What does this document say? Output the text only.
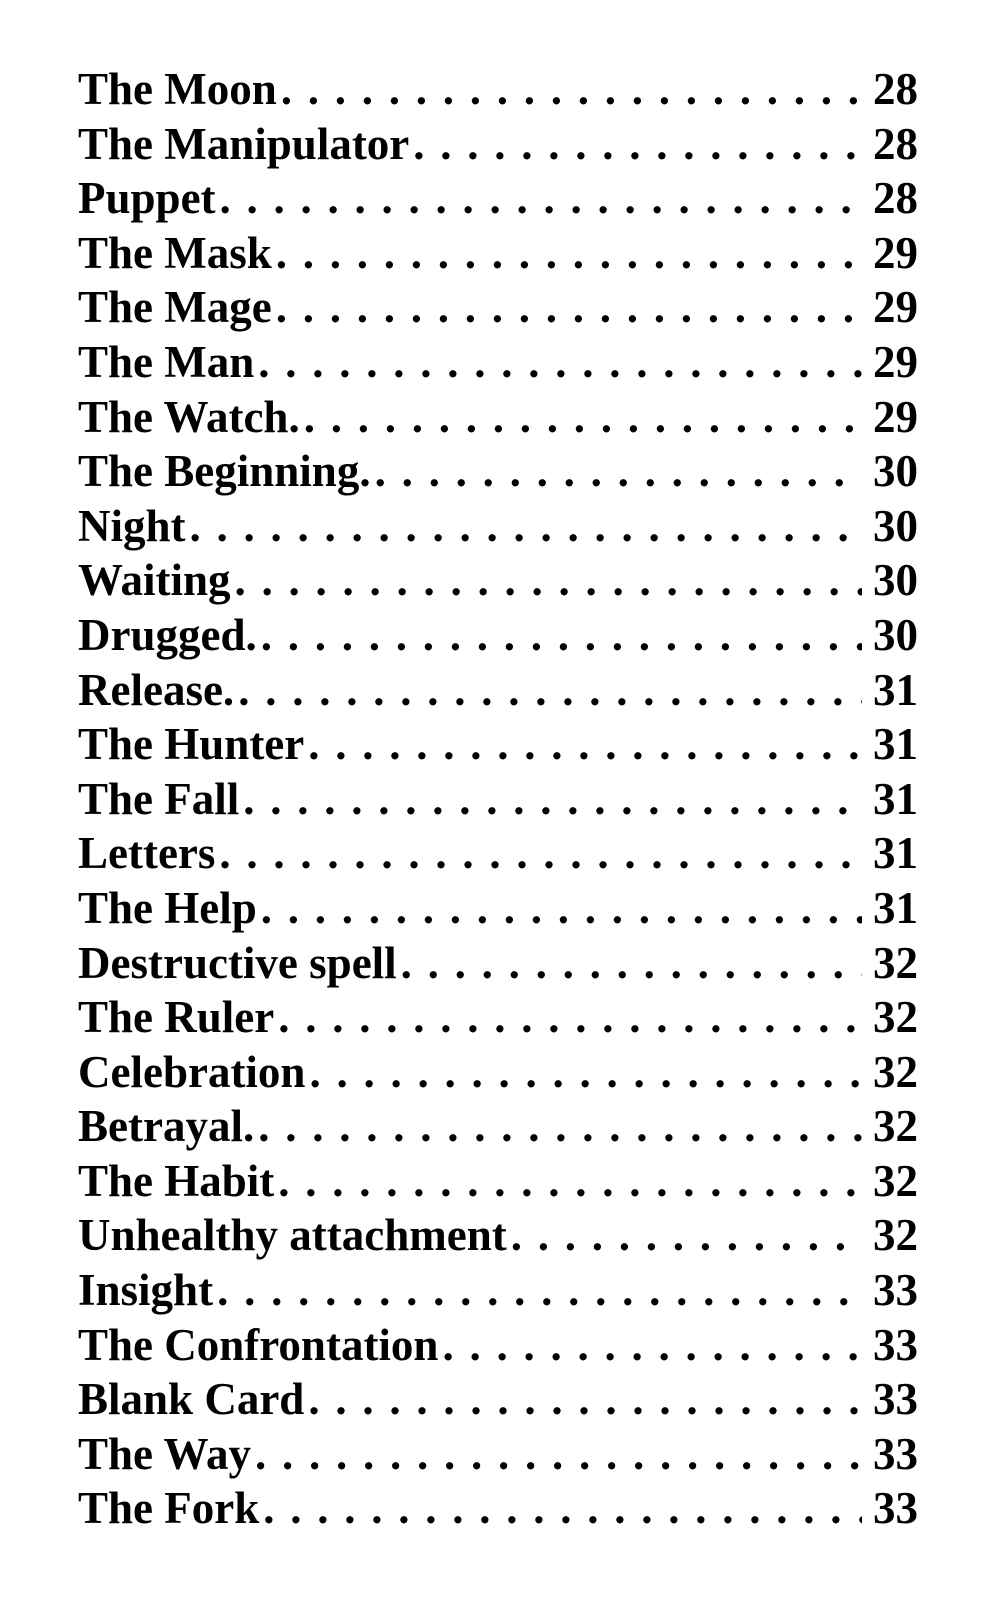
The Moon . . .	28
The Manipulator . . .	28
Puppet . . .	28
The Mask . . .	29
The Mage . . .	29
The Man . . .	29
The Watch. . . .	29
The Beginning. . . .	30
Night . . .	30
Waiting . . .	30
Drugged. . . .	30
Release. . . .	31
The Hunter . . .	31
The Fall . . .	31
Letters . . .	31
The Help . . .	31
Destructive spell . . .	32
The Ruler . . .	32
Celebration . . .	32
Betrayal. . . .	32
The Habit . . .	32
Unhealthy attachment . . .	32
Insight . . .	33
The Confrontation . . .	33
Blank Card . . .	33
The Way . . .	33
The Fork . . .	33
